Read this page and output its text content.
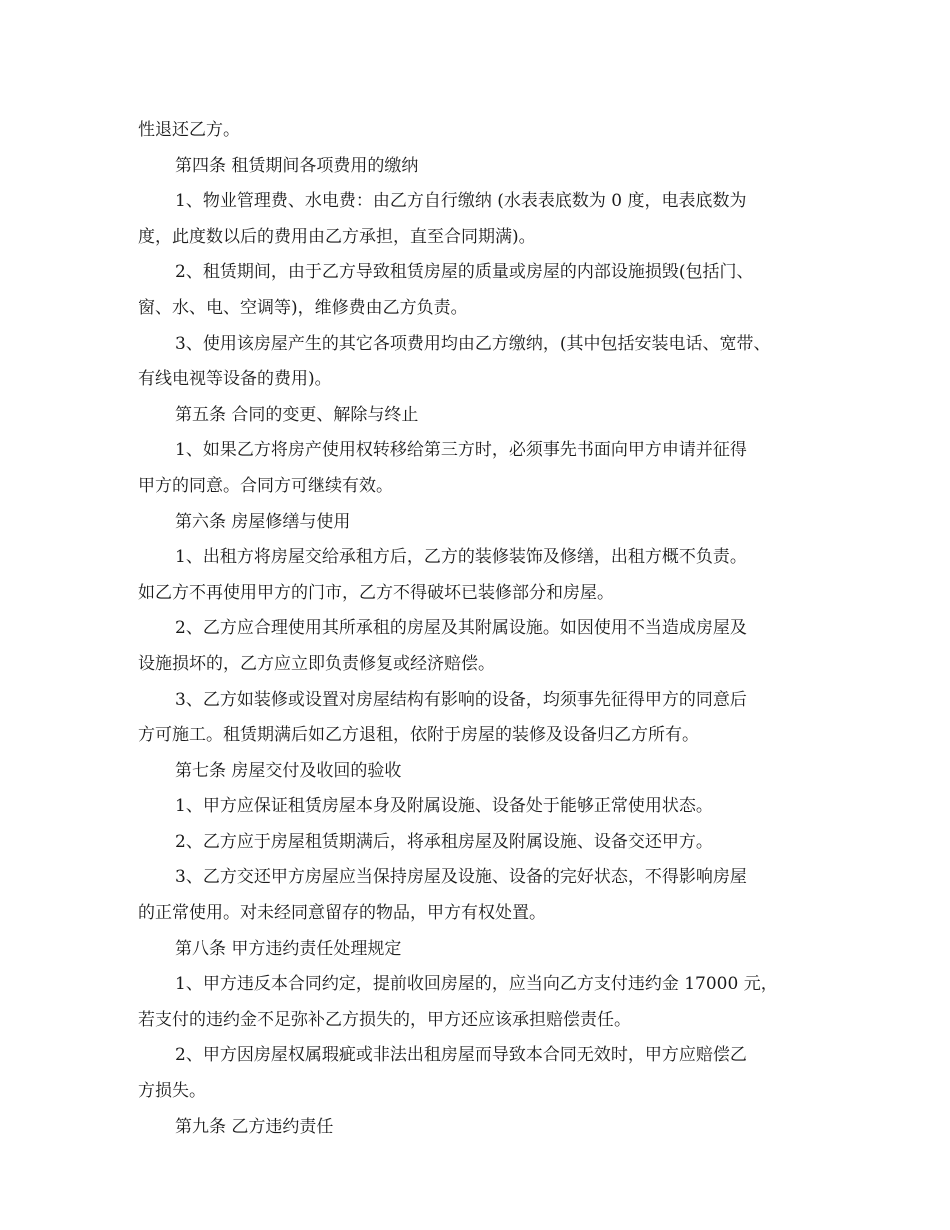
性退还乙方。
第四条 租赁期间各项费用的缴纳
1、物业管理费、水电费：由乙方自行缴纳 (水表表底数为 0 度，电表底数为
度，此度数以后的费用由乙方承担，直至合同期满)。
2、租赁期间，由于乙方导致租赁房屋的质量或房屋的内部设施损毁(包括门、
窗、水、电、空调等)，维修费由乙方负责。
3、使用该房屋产生的其它各项费用均由乙方缴纳，(其中包括安装电话、宽带、
有线电视等设备的费用)。
第五条 合同的变更、解除与终止
1、如果乙方将房产使用权转移给第三方时，必须事先书面向甲方申请并征得
甲方的同意。合同方可继续有效。
第六条 房屋修缮与使用
1、出租方将房屋交给承租方后，乙方的装修装饰及修缮，出租方概不负责。
如乙方不再使用甲方的门市，乙方不得破坏已装修部分和房屋。
2、乙方应合理使用其所承租的房屋及其附属设施。如因使用不当造成房屋及
设施损坏的，乙方应立即负责修复或经济赔偿。
3、乙方如装修或设置对房屋结构有影响的设备，均须事先征得甲方的同意后
方可施工。租赁期满后如乙方退租，依附于房屋的装修及设备归乙方所有。
第七条 房屋交付及收回的验收
1、甲方应保证租赁房屋本身及附属设施、设备处于能够正常使用状态。
2、乙方应于房屋租赁期满后，将承租房屋及附属设施、设备交还甲方。
3、乙方交还甲方房屋应当保持房屋及设施、设备的完好状态，不得影响房屋
的正常使用。对未经同意留存的物品，甲方有权处置。
第八条 甲方违约责任处理规定
1、甲方违反本合同约定，提前收回房屋的，应当向乙方支付违约金 17000 元，
若支付的违约金不足弥补乙方损失的，甲方还应该承担赔偿责任。
2、甲方因房屋权属瑕疵或非法出租房屋而导致本合同无效时，甲方应赔偿乙
方损失。
第九条 乙方违约责任
